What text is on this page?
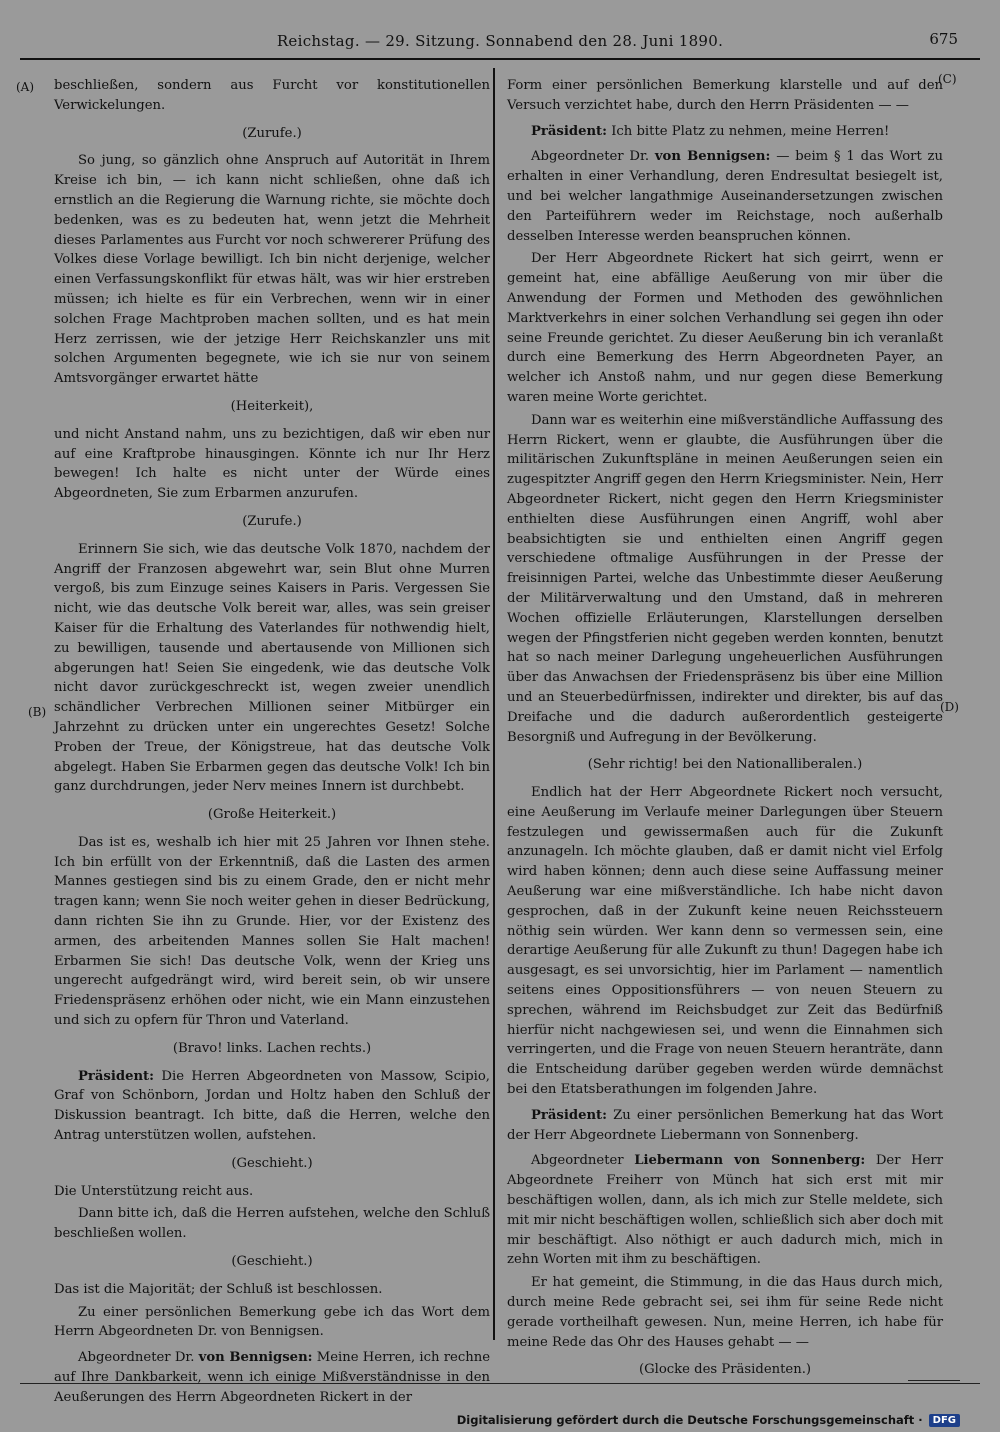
Reichstag. — 29. Sitzung. Sonnabend den 28. Juni 1890.	675
(A)
(B)
(C)
(D)

beschließen, sondern aus Furcht vor konstitutionellen Verwickelungen.

(Zurufe.)

So jung, so gänzlich ohne Anspruch auf Autorität in Ihrem Kreise ich bin, — ich kann nicht schließen, ohne daß ich ernstlich an die Regierung die Warnung richte, sie möchte doch bedenken, was es zu bedeuten hat, wenn jetzt die Mehrheit dieses Parlamentes aus Furcht vor noch schwererer Prüfung des Volkes diese Vorlage bewilligt. Ich bin nicht derjenige, welcher einen Verfassungskonflikt für etwas hält, was wir hier erstreben müssen; ich hielte es für ein Verbrechen, wenn wir in einer solchen Frage Machtproben machen sollten, und es hat mein Herz zerrissen, wie der jetzige Herr Reichskanzler uns mit solchen Argumenten begegnete, wie ich sie nur von seinem Amtsvorgänger erwartet hätte

(Heiterkeit),

und nicht Anstand nahm, uns zu bezichtigen, daß wir eben nur auf eine Kraftprobe hinausgingen. Könnte ich nur Ihr Herz bewegen! Ich halte es nicht unter der Würde eines Abgeordneten, Sie zum Erbarmen anzurufen.

(Zurufe.)

Erinnern Sie sich, wie das deutsche Volk 1870, nachdem der Angriff der Franzosen abgewehrt war, sein Blut ohne Murren vergoß, bis zum Einzuge seines Kaisers in Paris. Vergessen Sie nicht, wie das deutsche Volk bereit war, alles, was sein greiser Kaiser für die Erhaltung des Vaterlandes für nothwendig hielt, zu bewilligen, tausende und abertausende von Millionen sich abgerungen hat! Seien Sie eingedenk, wie das deutsche Volk nicht davor zurückgeschreckt ist, wegen zweier unendlich schändlicher Verbrechen Millionen seiner Mitbürger ein Jahrzehnt zu drücken unter ein ungerechtes Gesetz! Solche Proben der Treue, der Königstreue, hat das deutsche Volk abgelegt. Haben Sie Erbarmen gegen das deutsche Volk! Ich bin ganz durchdrungen, jeder Nerv meines Innern ist durchbebt.

(Große Heiterkeit.)

Das ist es, weshalb ich hier mit 25 Jahren vor Ihnen stehe. Ich bin erfüllt von der Erkenntniß, daß die Lasten des armen Mannes gestiegen sind bis zu einem Grade, den er nicht mehr tragen kann; wenn Sie noch weiter gehen in dieser Bedrückung, dann richten Sie ihn zu Grunde. Hier, vor der Existenz des armen, des arbeitenden Mannes sollen Sie Halt machen! Erbarmen Sie sich! Das deutsche Volk, wenn der Krieg uns ungerecht aufgedrängt wird, wird bereit sein, ob wir unsere Friedenspräsenz erhöhen oder nicht, wie ein Mann einzustehen und sich zu opfern für Thron und Vaterland.

(Bravo! links. Lachen rechts.)

Präsident: Die Herren Abgeordneten von Massow, Scipio, Graf von Schönborn, Jordan und Holtz haben den Schluß der Diskussion beantragt. Ich bitte, daß die Herren, welche den Antrag unterstützen wollen, aufstehen.

(Geschieht.)

Die Unterstützung reicht aus.

Dann bitte ich, daß die Herren aufstehen, welche den Schluß beschließen wollen.

(Geschieht.)

Das ist die Majorität; der Schluß ist beschlossen.

Zu einer persönlichen Bemerkung gebe ich das Wort dem Herrn Abgeordneten Dr. von Bennigsen.

Abgeordneter Dr. von Bennigsen: Meine Herren, ich rechne auf Ihre Dankbarkeit, wenn ich einige Mißverständnisse in den Aeußerungen des Herrn Abgeordneten Rickert in der

Form einer persönlichen Bemerkung klarstelle und auf den Versuch verzichtet habe, durch den Herrn Präsidenten — —

Präsident: Ich bitte Platz zu nehmen, meine Herren!

Abgeordneter Dr. von Bennigsen: — beim § 1 das Wort zu erhalten in einer Verhandlung, deren Endresultat besiegelt ist, und bei welcher langathmige Auseinandersetzungen zwischen den Parteiführern weder im Reichstage, noch außerhalb desselben Interesse werden beanspruchen können.

Der Herr Abgeordnete Rickert hat sich geirrt, wenn er gemeint hat, eine abfällige Aeußerung von mir über die Anwendung der Formen und Methoden des gewöhnlichen Marktverkehrs in einer solchen Verhandlung sei gegen ihn oder seine Freunde gerichtet. Zu dieser Aeußerung bin ich veranlaßt durch eine Bemerkung des Herrn Abgeordneten Payer, an welcher ich Anstoß nahm, und nur gegen diese Bemerkung waren meine Worte gerichtet.

Dann war es weiterhin eine mißverständliche Auffassung des Herrn Rickert, wenn er glaubte, die Ausführungen über die militärischen Zukunftspläne in meinen Aeußerungen seien ein zugespitzter Angriff gegen den Herrn Kriegsminister. Nein, Herr Abgeordneter Rickert, nicht gegen den Herrn Kriegsminister enthielten diese Ausführungen einen Angriff, wohl aber beabsichtigten sie und enthielten einen Angriff gegen verschiedene oftmalige Ausführungen in der Presse der freisinnigen Partei, welche das Unbestimmte dieser Aeußerung der Militärverwaltung und den Umstand, daß in mehreren Wochen offizielle Erläuterungen, Klarstellungen derselben wegen der Pfingstferien nicht gegeben werden konnten, benutzt hat so nach meiner Darlegung ungeheuerlichen Ausführungen über das Anwachsen der Friedenspräsenz bis über eine Million und an Steuerbedürfnissen, indirekter und direkter, bis auf das Dreifache und die dadurch außerordentlich gesteigerte Besorgniß und Aufregung in der Bevölkerung.

(Sehr richtig! bei den Nationalliberalen.)

Endlich hat der Herr Abgeordnete Rickert noch versucht, eine Aeußerung im Verlaufe meiner Darlegungen über Steuern festzulegen und gewissermaßen auch für die Zukunft anzunageln. Ich möchte glauben, daß er damit nicht viel Erfolg wird haben können; denn auch diese seine Auffassung meiner Aeußerung war eine mißverständliche. Ich habe nicht davon gesprochen, daß in der Zukunft keine neuen Reichssteuern nöthig sein würden. Wer kann denn so vermessen sein, eine derartige Aeußerung für alle Zukunft zu thun! Dagegen habe ich ausgesagt, es sei unvorsichtig, hier im Parlament — namentlich seitens eines Oppositionsführers — von neuen Steuern zu sprechen, während im Reichsbudget zur Zeit das Bedürfniß hierfür nicht nachgewiesen sei, und wenn die Einnahmen sich verringerten, und die Frage von neuen Steuern heranträte, dann die Entscheidung darüber gegeben werden würde demnächst bei den Etatsberathungen im folgenden Jahre.

Präsident: Zu einer persönlichen Bemerkung hat das Wort der Herr Abgeordnete Liebermann von Sonnenberg.

Abgeordneter Liebermann von Sonnenberg: Der Herr Abgeordnete Freiherr von Münch hat sich erst mit mir beschäftigen wollen, dann, als ich mich zur Stelle meldete, sich mit mir nicht beschäftigen wollen, schließlich sich aber doch mit mir beschäftigt. Also nöthigt er auch dadurch mich, mich in zehn Worten mit ihm zu beschäftigen.

Er hat gemeint, die Stimmung, in die das Haus durch mich, durch meine Rede gebracht sei, sei ihm für seine Rede nicht gerade vortheilhaft gewesen. Nun, meine Herren, ich habe für meine Rede das Ohr des Hauses gehabt — —

(Glocke des Präsidenten.)

Digitalisierung gefördert durch die Deutsche Forschungsgemeinschaft ·	DFG
